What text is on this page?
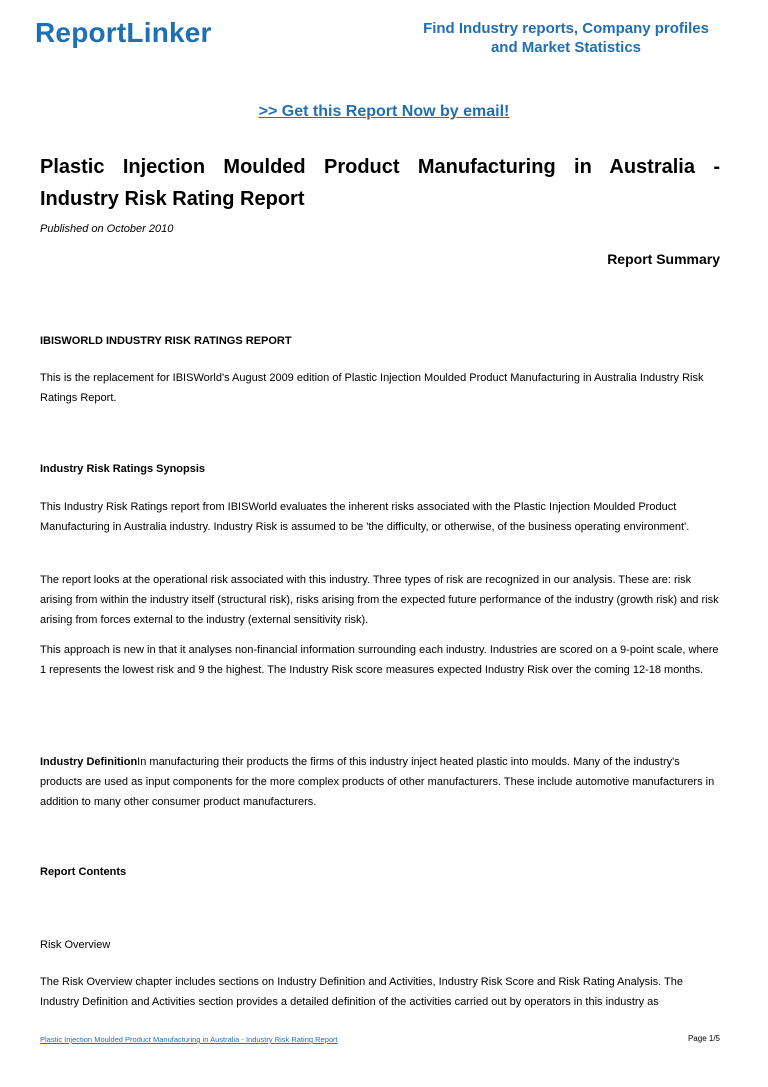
ReportLinker	Find Industry reports, Company profiles
and Market Statistics
>> Get this Report Now by email!
Plastic Injection Moulded Product Manufacturing in Australia -
Industry Risk Rating Report
Published on October 2010
Report Summary

IBISWORLD INDUSTRY RISK RATINGS REPORT

This is the replacement for IBISWorld's August 2009 edition of Plastic Injection Moulded Product Manufacturing in Australia Industry Risk Ratings Report.

Industry Risk Ratings Synopsis

This Industry Risk Ratings report from IBISWorld evaluates the inherent risks associated with the Plastic Injection Moulded Product Manufacturing in Australia industry. Industry Risk is assumed to be 'the difficulty, or otherwise, of the business operating environment'.

The report looks at the operational risk associated with this industry. Three types of risk are recognized in our analysis. These are: risk arising from within the industry itself (structural risk), risks arising from the expected future performance of the industry (growth risk) and risk arising from forces external to the industry (external sensitivity risk).

This approach is new in that it analyses non-financial information surrounding each industry. Industries are scored on a 9-point scale, where 1 represents the lowest risk and 9 the highest. The Industry Risk score measures expected Industry Risk over the coming 12-18 months.

Industry DefinitionIn manufacturing their products the firms of this industry inject heated plastic into moulds. Many of the industry's products are used as input components for the more complex products of other manufacturers. These include automotive manufacturers in addition to many other consumer product manufacturers.

Report Contents

Risk Overview

The Risk Overview chapter includes sections on Industry Definition and Activities, Industry Risk Score and Risk Rating Analysis. The Industry Definition and Activities section provides a detailed definition of the activities carried out by operators in this industry as

Plastic Injection Moulded Product Manufacturing in Australia - Industry Risk Rating Report	Page 1/5
